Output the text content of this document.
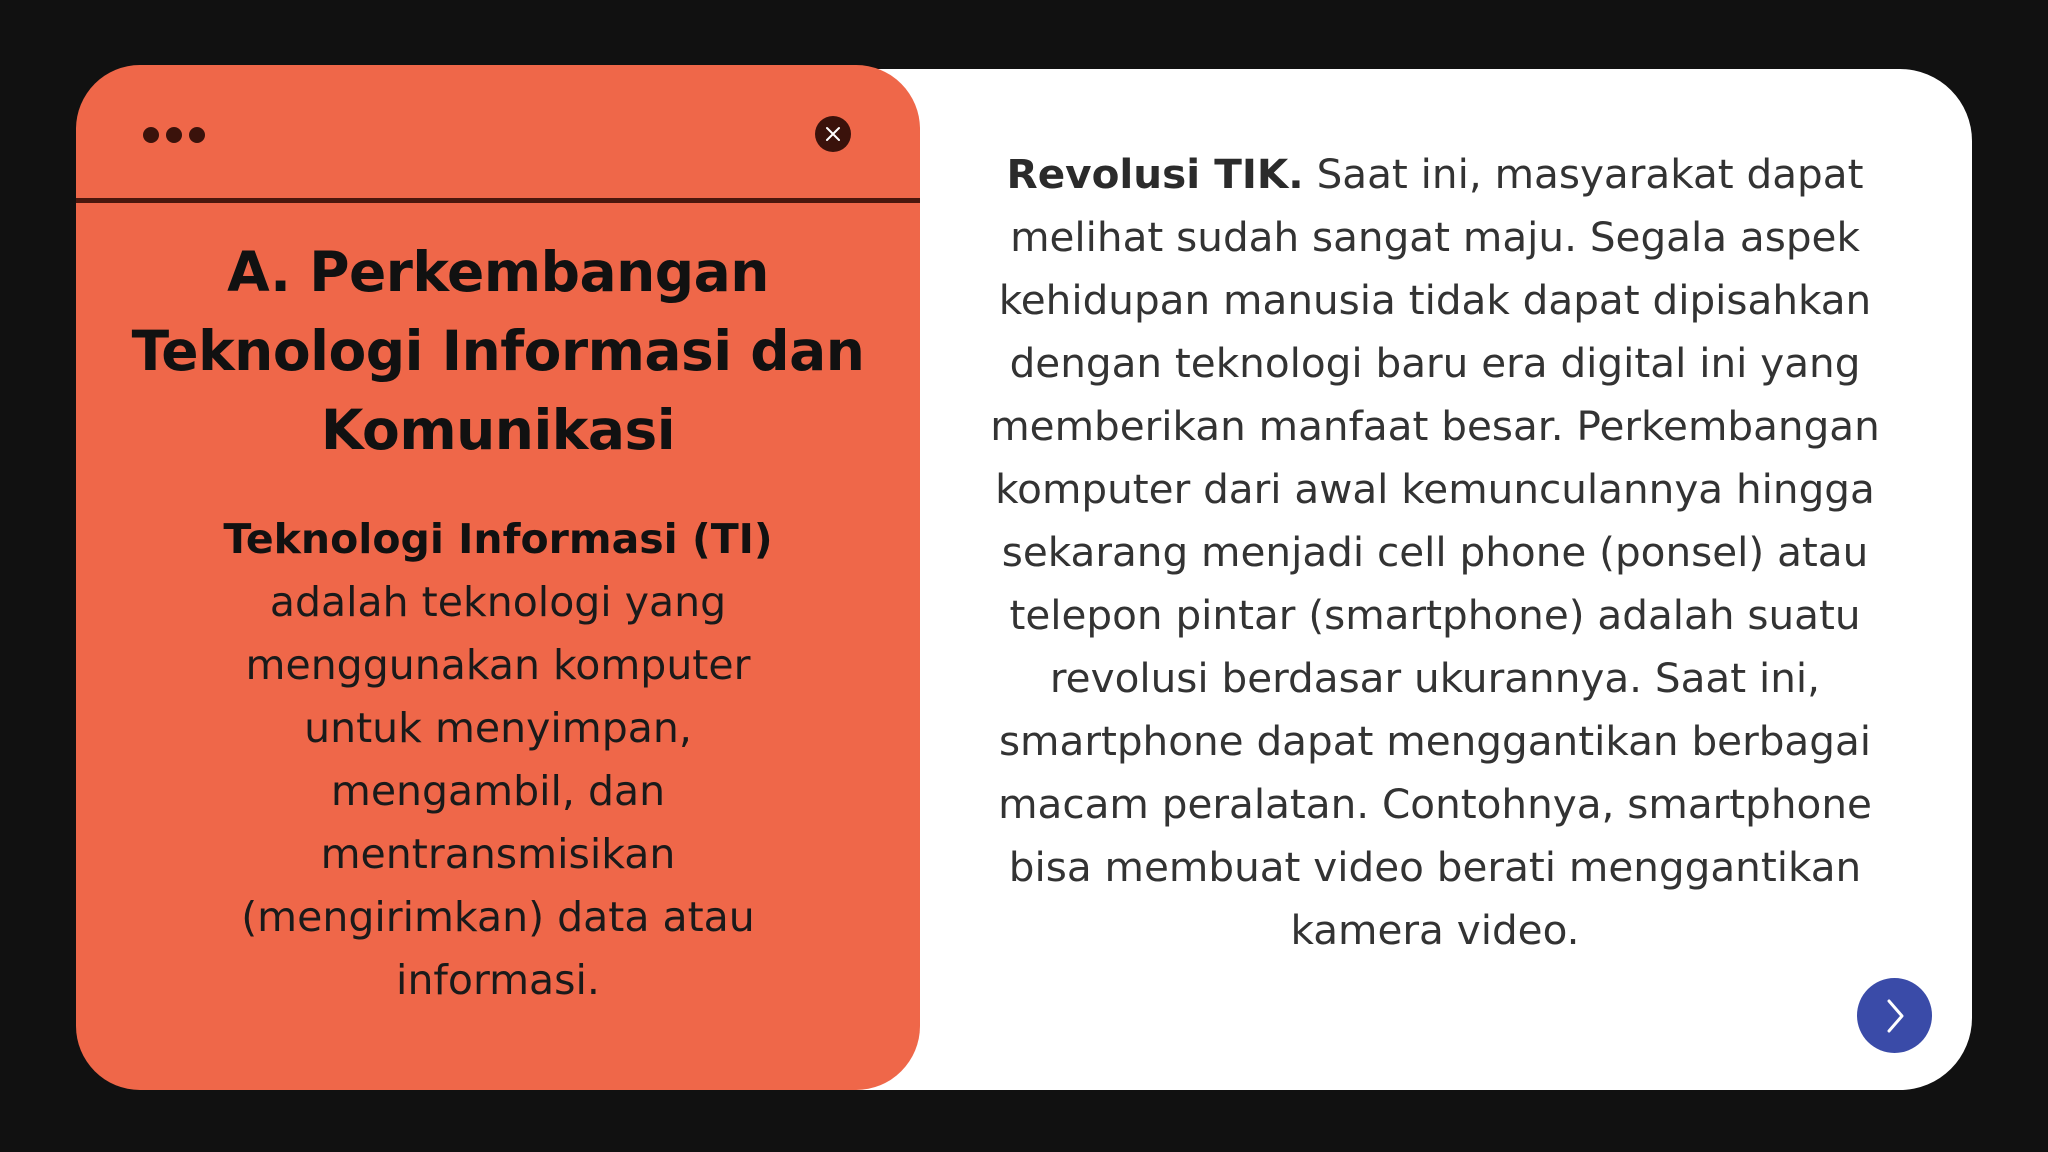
A. Perkembangan Teknologi Informasi dan Komunikasi
Teknologi Informasi (TI) adalah teknologi yang menggunakan komputer untuk menyimpan, mengambil, dan mentransmisikan (mengirimkan) data atau informasi.
Revolusi TIK. Saat ini, masyarakat dapat melihat sudah sangat maju. Segala aspek kehidupan manusia tidak dapat dipisahkan dengan teknologi baru era digital ini yang memberikan manfaat besar. Perkembangan komputer dari awal kemunculannya hingga sekarang menjadi cell phone (ponsel) atau telepon pintar (smartphone) adalah suatu revolusi berdasar ukurannya. Saat ini, smartphone dapat menggantikan berbagai macam peralatan. Contohnya, smartphone bisa membuat video berati menggantikan kamera video.
